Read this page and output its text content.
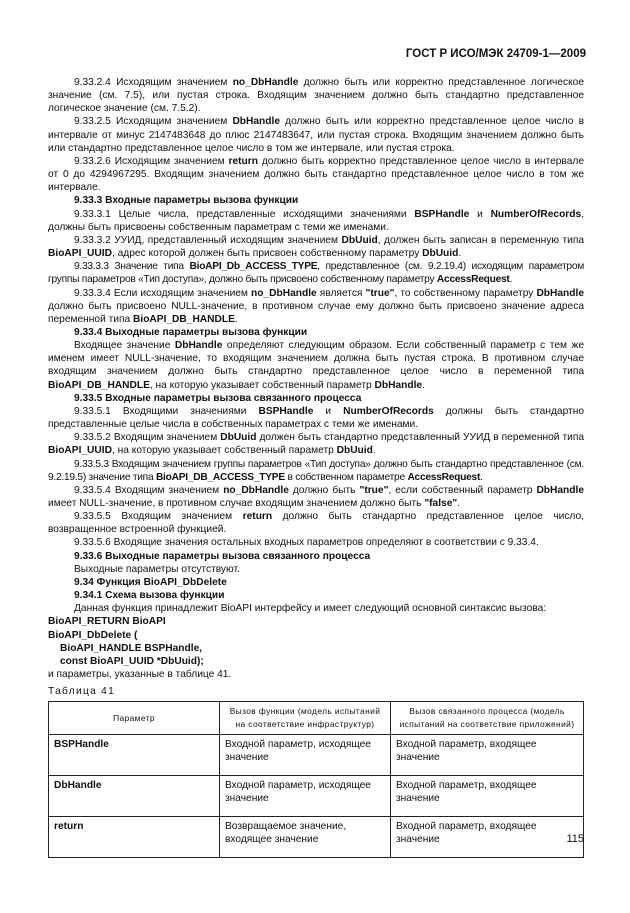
ГОСТ Р ИСО/МЭК 24709-1—2009

9.33.2.4 Исходящим значением no_DbHandle должно быть или корректно представленное логическое значение (см. 7.5), или пустая строка. Входящим значением должно быть стандартно представленное логическое значение (см. 7.5.2).

9.33.2.5 Исходящим значением DbHandle должно быть или корректно представленное целое число в интервале от минус 2147483648 до плюс 2147483647, или пустая строка. Входящим значением должно быть или стандартно представленное целое число в том же интервале, или пустая строка.

9.33.2.6 Исходящим значением return должно быть корректно представленное целое число в интервале от 0 до 4294967295. Входящим значением должно быть стандартно представленное целое число в том же интервале.

9.33.3 Входные параметры вызова функции

9.33.3.1 Целые числа, представленные исходящими значениями BSPHandle и NumberOfRecords, должны быть присвоены собственным параметрам с теми же именами.

9.33.3.2 УУИД, представленный исходящим значением DbUuid, должен быть записан в переменную типа BioAPI_UUID, адрес которой должен быть присвоен собственному параметру DbUuid.

9.33.3.3 Значение типа BioAPI_Db_ACCESS_TYPE, представленное (см. 9.2.19.4) исходящим параметром группы параметров «Тип доступа», должно быть присвоено собственному параметру AccessRequest.

9.33.3.4 Если исходящим значением no_DbHandle является "true", то собственному параметру DbHandle должно быть присвоено NULL-значение, в противном случае ему должно быть присвоено значение адреса переменной типа BioAPI_DB_HANDLE.

9.33.4 Выходные параметры вызова функции

Входящее значение DbHandle определяют следующим образом. Если собственный параметр с тем же именем имеет NULL-значение, то входящим значением должна быть пустая строка. В противном случае входящим значением должно быть стандартно представленное целое число в переменной типа BioAPI_DB_HANDLE, на которую указывает собственный параметр DbHandle.

9.33.5 Входные параметры вызова связанного процесса

9.33.5.1 Входящими значениями BSPHandle и NumberOfRecords должны быть стандартно представленные целые числа в собственных параметрах с теми же именами.

9.33.5.2 Входящим значением DbUuid должен быть стандартно представленный УУИД в переменной типа BioAPI_UUID, на которую указывает собственный параметр DbUuid.

9.33.5.3 Входящим значением группы параметров «Тип доступа» должно быть стандартно представленное (см. 9.2.19.5) значение типа BioAPI_DB_ACCESS_TYPE в собственном параметре AccessRequest.

9.33.5.4 Входящим значением no_DbHandle должно быть "true", если собственный параметр DbHandle имеет NULL-значение, в противном случае входящим значением должно быть "false".

9.33.5.5 Входящим значением return должно быть стандартно представленное целое число, возвращенное встроенной функцией.

9.33.5.6 Входящие значения остальных входных параметров определяют в соответствии с 9.33.4.

9.33.6 Выходные параметры вызова связанного процесса

Выходные параметры отсутствуют.

9.34 Функция BioAPI_DbDelete

9.34.1 Схема вызова функции

Данная функция принадлежит BioAPI интерфейсу и имеет следующий основной синтаксис вызова:

BioAPI_RETURN BioAPI

BioAPI_DbDelete (

BioAPI_HANDLE BSPHandle,

const BioAPI_UUID *DbUuid);

и параметры, указанные в таблице 41.

Таблица 41

Параметр	Вызов функции (модель испытаний на соответствие инфраструктур)	Вызов связанного процесса (модель испытаний на соответствие приложений)
BSPHandle	Входной параметр, исходящее значение	Входной параметр, входящее значение
DbHandle	Входной параметр, исходящее значение	Входной параметр, входящее значение
return	Возвращаемое значение, входящее значение	Входной параметр, входящее значение	115
